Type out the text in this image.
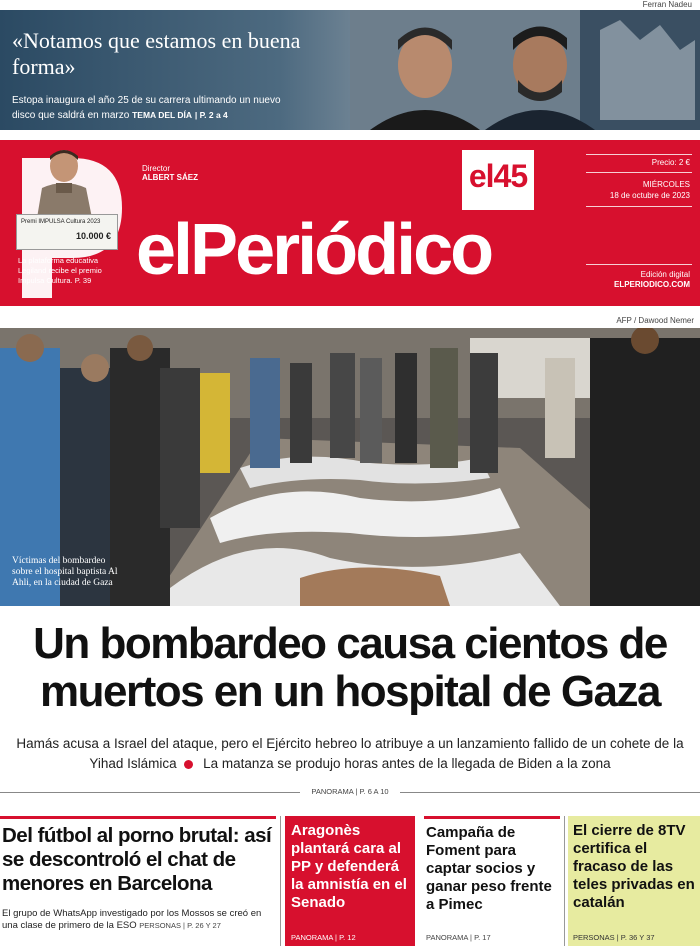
Ferran Nadeu
«Notamos que estamos en buena forma»
Estopa inaugura el año 25 de su carrera ultimando un nuevo disco que saldrá en marzo TEMA DEL DÍA | P. 2 a 4
Premi IMPULSA Cultura 2023
10.000 €
La plataforma educativa Legiland recibe el premio Impulsa Cultura. P. 39
Director
ALBERT SÁEZ
elPeriódico
el45	Precio: 2 €
MIÉRCOLES
18 de octubre de 2023
Edición digital
ELPERIODICO.COM
AFP / Dawood Nemer
Víctimas del bombardeo sobre el hospital baptista Al Ahli, en la ciudad de Gaza
Un bombardeo causa cientos de muertos en un hospital de Gaza
Hamás acusa a Israel del ataque, pero el Ejército hebreo lo atribuye a un lanzamiento fallido de un cohete de la Yihad Islámica La matanza se produjo horas antes de la llegada de Biden a la zona
PANORAMA | P. 6 A 10
Del fútbol al porno brutal: así se descontroló el chat de menores en Barcelona
El grupo de WhatsApp investigado por los Mossos se creó en una clase de primero de la ESO PERSONAS | P. 26 Y 27
Aragonès plantará cara al PP y defenderá la amnistía en el Senado
PANORAMA | P. 12
Campaña de Foment para captar socios y ganar peso frente a Pimec
PANORAMA | P. 17
El cierre de 8TV certifica el fracaso de las teles privadas en catalán
PERSONAS | P. 36 Y 37
